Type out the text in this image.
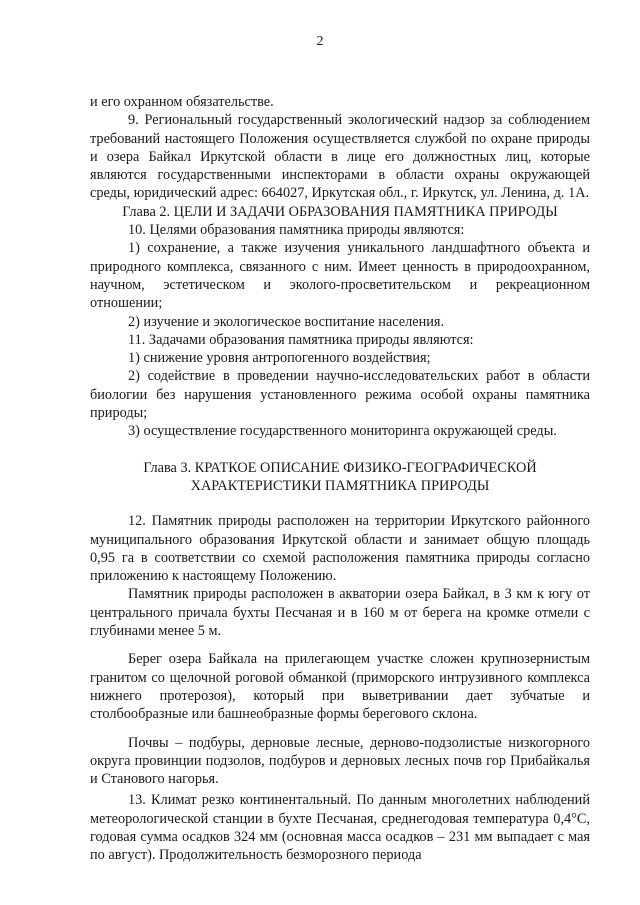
2

и его охранном обязательстве.

9. Региональный государственный экологический надзор за соблюдением требований настоящего Положения осуществляется службой по охране природы и озера Байкал Иркутской области в лице его должностных лиц, которые являются государственными инспекторами в области охраны окружающей среды, юридический адрес: 664027, Иркутская обл., г. Иркутск, ул. Ленина, д. 1А.

Глава 2. ЦЕЛИ И ЗАДАЧИ ОБРАЗОВАНИЯ ПАМЯТНИКА ПРИРОДЫ

10. Целями образования памятника природы являются:

1) сохранение, а также изучения уникального ландшафтного объекта и природного комплекса, связанного с ним. Имеет ценность в природоохранном, научном, эстетическом и эколого-просветительском и рекреационном отношении;

2) изучение и экологическое воспитание населения.

11. Задачами образования памятника природы являются:

1) снижение уровня антропогенного воздействия;

2) содействие в проведении научно-исследовательских работ в области биологии без нарушения установленного режима особой охраны памятника природы;

3) осуществление государственного мониторинга окружающей среды.

Глава 3. КРАТКОЕ ОПИСАНИЕ ФИЗИКО-ГЕОГРАФИЧЕСКОЙ

ХАРАКТЕРИСТИКИ ПАМЯТНИКА ПРИРОДЫ

12. Памятник природы расположен на территории Иркутского районного муниципального образования Иркутской области и занимает общую площадь 0,95 га в соответствии со схемой расположения памятника природы согласно приложению к настоящему Положению.

Памятник природы расположен в акватории озера Байкал, в 3 км к югу от центрального причала бухты Песчаная и в 160 м от берега на кромке отмели с глубинами менее 5 м.

Берег озера Байкала на прилегающем участке сложен крупнозернистым гранитом со щелочной роговой обманкой (приморского интрузивного комплекса нижнего протерозоя), который при выветривании дает зубчатые и столбообразные или башнеобразные формы берегового склона.

Почвы – подбуры, дерновые лесные, дерново-подзолистые низкогорного округа провинции подзолов, подбуров и дерновых лесных почв гор Прибайкалья и Станового нагорья.

13. Климат резко континентальный. По данным многолетних наблюдений метеорологической станции в бухте Песчаная, среднегодовая температура 0,4°С, годовая сумма осадков 324 мм (основная масса осадков – 231 мм выпадает с мая по август). Продолжительность безморозного периода
